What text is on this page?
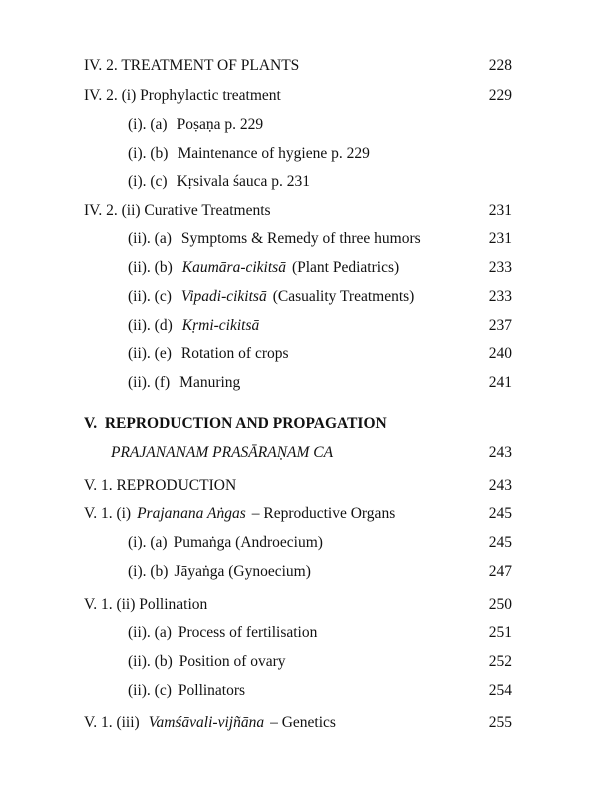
IV. 2. TREATMENT OF PLANTS	228
IV. 2. (i) Prophylactic treatment	229
(i). (a) Poṣaṇa p. 229
(i). (b) Maintenance of hygiene p. 229
(i). (c) Kṛsivala śauca p. 231
IV. 2. (ii) Curative Treatments	231
(ii). (a) Symptoms & Remedy of three humors	231
(ii). (b) Kaumāra-cikitsā (Plant Pediatrics)	233
(ii). (c) Vipadi-cikitsā (Casuality Treatments)	233
(ii). (d) Kṛmi-cikitsā	237
(ii). (e) Rotation of crops	240
(ii). (f) Manuring	241
V.  REPRODUCTION AND PROPAGATION
PRAJANANAM PRASĀRAṆAM CA	243
V. 1. REPRODUCTION	243
V. 1. (i) Prajanana Aṅgas – Reproductive Organs	245
(i). (a) Pumaṅga (Androecium)	245
(i). (b) Jāyaṅga (Gynoecium)	247
V. 1. (ii) Pollination	250
(ii). (a) Process of fertilisation	251
(ii). (b) Position of ovary	252
(ii). (c) Pollinators	254
V. 1. (iii) Vamśāvali-vijñāna – Genetics	255
